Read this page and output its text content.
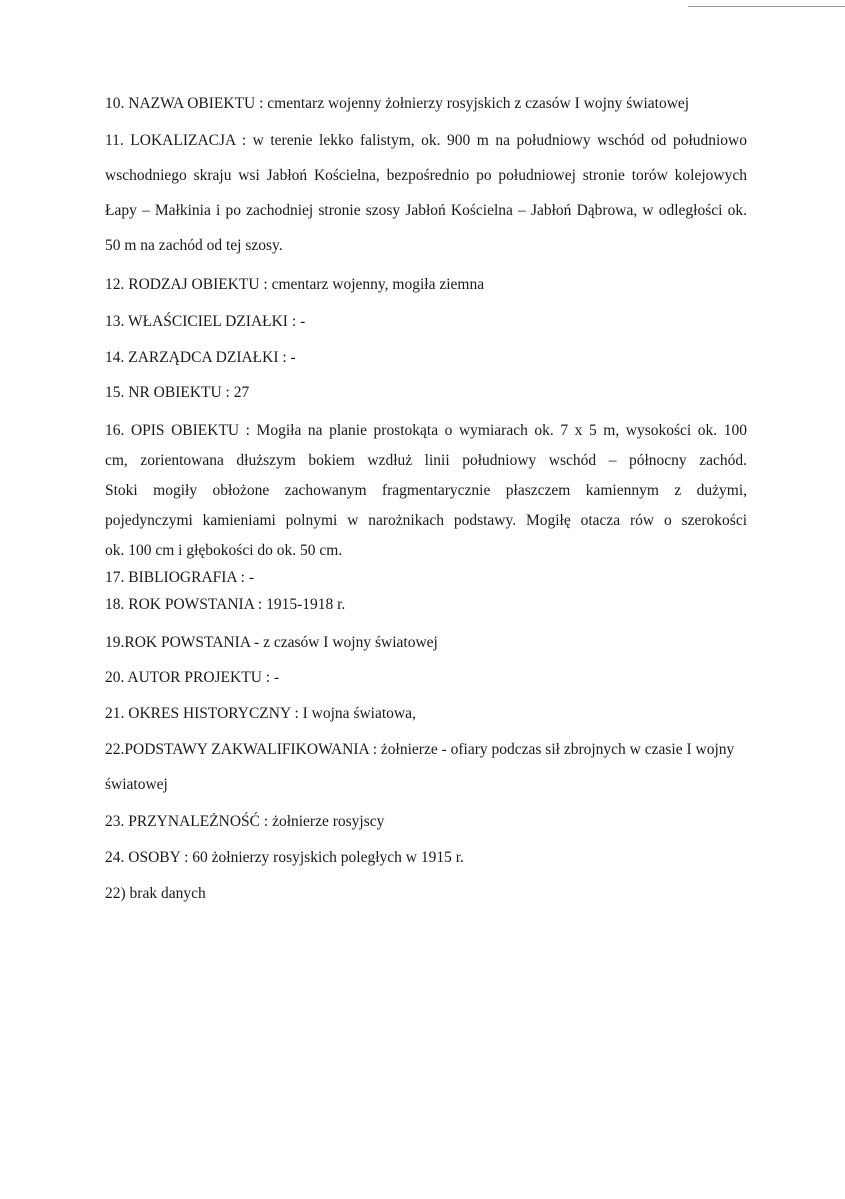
10. NAZWA OBIEKTU : cmentarz wojenny żołnierzy rosyjskich z czasów I wojny światowej

11. LOKALIZACJA : w terenie lekko falistym, ok. 900 m na południowy wschód od południowo

wschodniego skraju wsi Jabłoń Kościelna, bezpośrednio po południowej stronie torów kolejowych

Łapy – Małkinia i po zachodniej stronie szosy Jabłoń Kościelna – Jabłoń Dąbrowa, w odległości ok.

50 m na zachód od tej szosy.

12. RODZAJ OBIEKTU : cmentarz wojenny, mogiła ziemna

13. WŁAŚCICIEL DZIAŁKI : -

14. ZARZĄDCA DZIAŁKI : -

15. NR OBIEKTU : 27

16. OPIS OBIEKTU : Mogiła na planie prostokąta o wymiarach ok. 7 x 5 m, wysokości ok. 100

cm, zorientowana dłuższym bokiem wzdłuż linii południowy wschód – północny zachód.

Stoki mogiły obłożone zachowanym fragmentarycznie płaszczem kamiennym z dużymi,

pojedynczymi kamieniami polnymi w narożnikach podstawy. Mogiłę otacza rów o szerokości

ok. 100 cm i głębokości do ok. 50 cm.

17. BIBLIOGRAFIA : -

18. ROK POWSTANIA : 1915-1918 r.

19.ROK POWSTANIA - z czasów I wojny światowej

20. AUTOR PROJEKTU : -

21. OKRES HISTORYCZNY : I wojna światowa,

22.PODSTAWY ZAKWALIFIKOWANIA : żołnierze - ofiary podczas sił zbrojnych w czasie I wojny

światowej

23. PRZYNALEŻNOŚĆ : żołnierze rosyjscy

24. OSOBY : 60 żołnierzy rosyjskich poległych w 1915 r.

22) brak danych
